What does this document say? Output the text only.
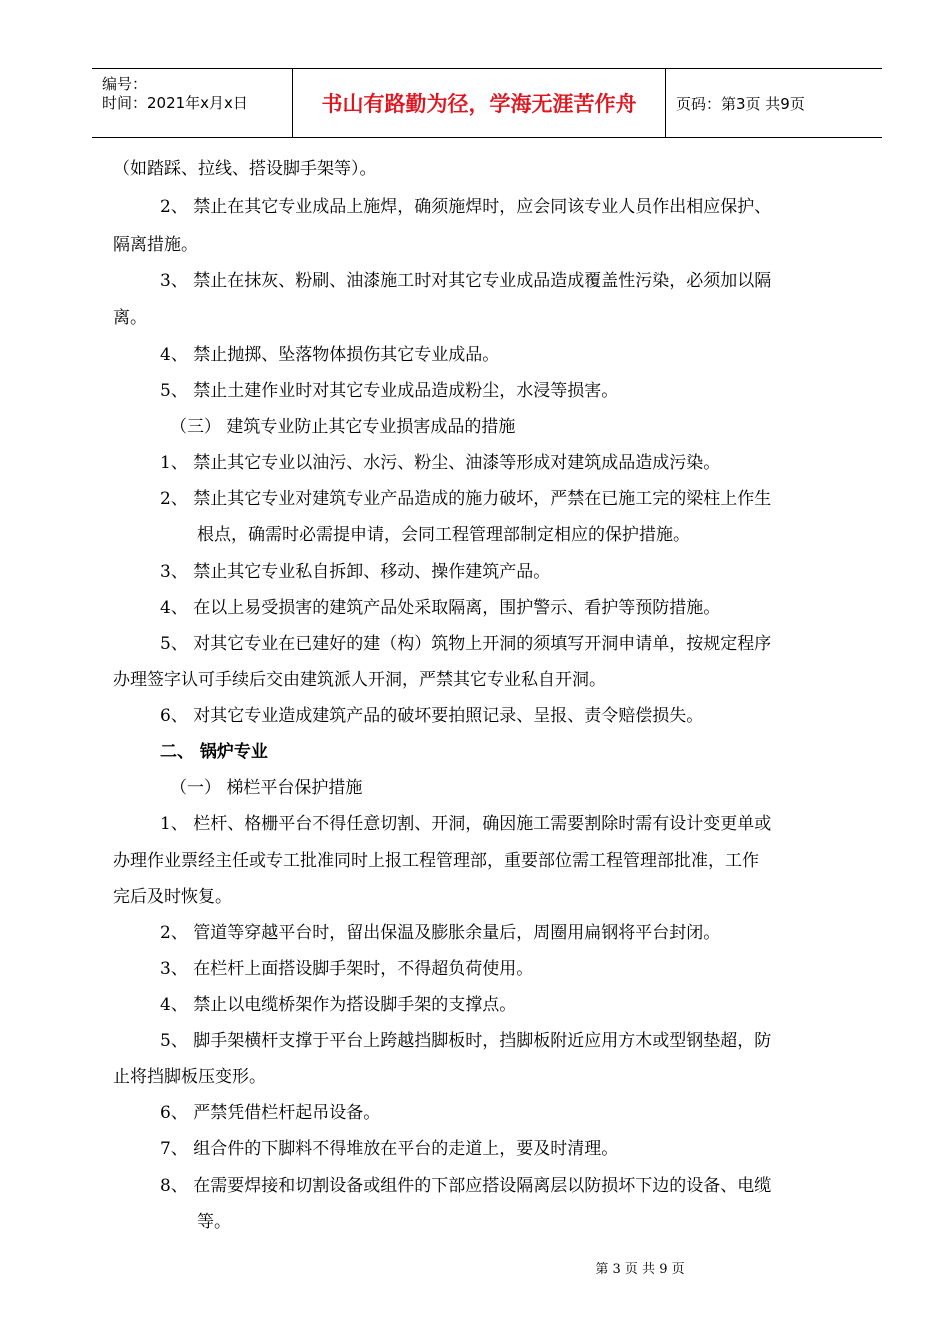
编号：
时间：2021年x月x日	书山有路勤为径，学海无涯苦作舟	页码：第3页 共9页
（如踏踩、拉线、搭设脚手架等）。
2、 禁止在其它专业成品上施焊，确须施焊时，应会同该专业人员作出相应保护、
隔离措施。
3、 禁止在抹灰、粉刷、油漆施工时对其它专业成品造成覆盖性污染，必须加以隔
离。
4、 禁止抛掷、坠落物体损伤其它专业成品。
5、 禁止土建作业时对其它专业成品造成粉尘，水浸等损害。
（三） 建筑专业防止其它专业损害成品的措施
1、 禁止其它专业以油污、水污、粉尘、油漆等形成对建筑成品造成污染。
2、 禁止其它专业对建筑专业产品造成的施力破坏，严禁在已施工完的梁柱上作生
根点，确需时必需提申请，会同工程管理部制定相应的保护措施。
3、 禁止其它专业私自拆卸、移动、操作建筑产品。
4、 在以上易受损害的建筑产品处采取隔离，围护警示、看护等预防措施。
5、 对其它专业在已建好的建（构）筑物上开洞的须填写开洞申请单，按规定程序
办理签字认可手续后交由建筑派人开洞，严禁其它专业私自开洞。
6、 对其它专业造成建筑产品的破坏要拍照记录、呈报、责令赔偿损失。
二、 锅炉专业
（一） 梯栏平台保护措施
1、 栏杆、格栅平台不得任意切割、开洞，确因施工需要割除时需有设计变更单或
办理作业票经主任或专工批准同时上报工程管理部，重要部位需工程管理部批准，工作
完后及时恢复。
2、 管道等穿越平台时，留出保温及膨胀余量后，周圈用扁钢将平台封闭。
3、 在栏杆上面搭设脚手架时，不得超负荷使用。
4、 禁止以电缆桥架作为搭设脚手架的支撑点。
5、 脚手架横杆支撑于平台上跨越挡脚板时，挡脚板附近应用方木或型钢垫超，防
止将挡脚板压变形。
6、 严禁凭借栏杆起吊设备。
7、 组合件的下脚料不得堆放在平台的走道上，要及时清理。
8、 在需要焊接和切割设备或组件的下部应搭设隔离层以防损坏下边的设备、电缆
等。
第 3 页 共 9 页
